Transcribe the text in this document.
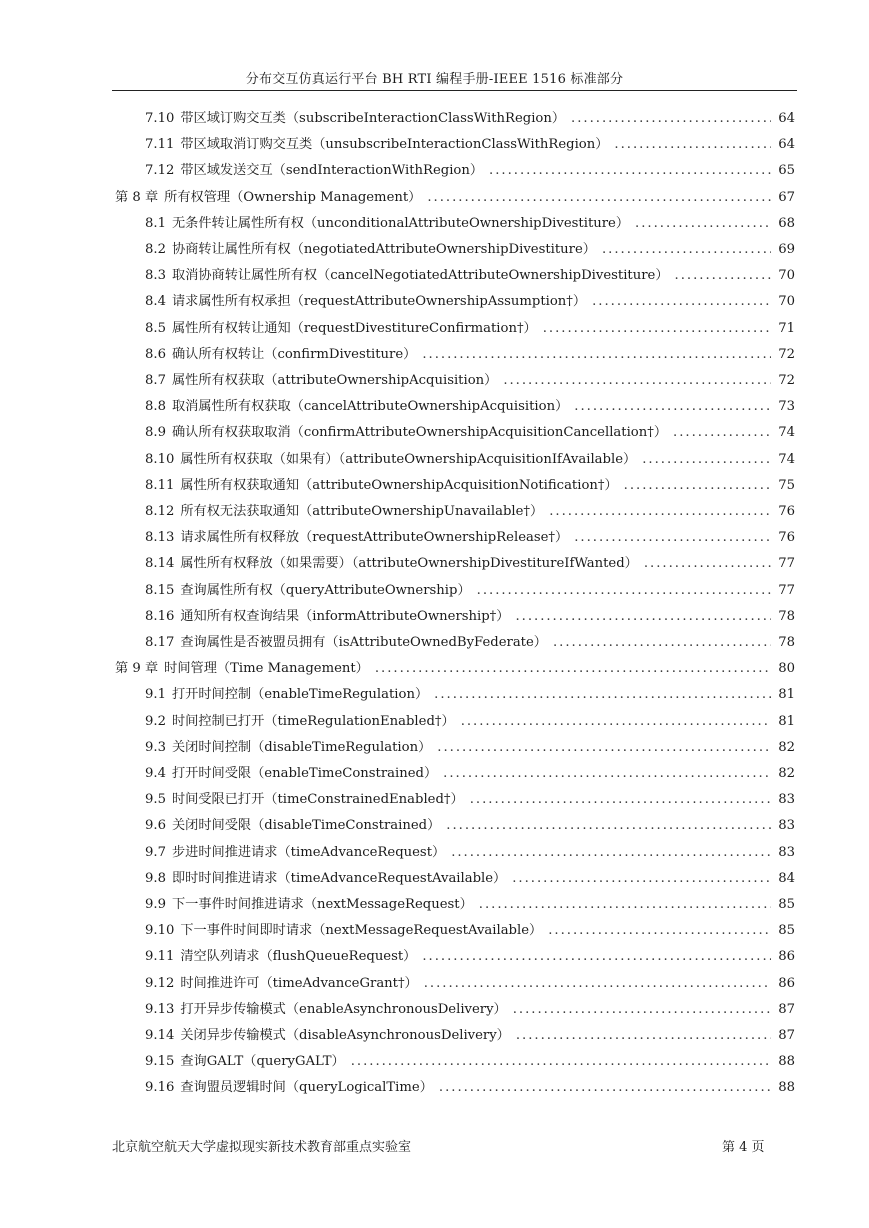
分布交互仿真运行平台 BH RTI 编程手册-IEEE 1516 标准部分
7.10 带区域订购交互类（subscribeInteractionClassWithRegion） . . .	64
7.11 带区域取消订购交互类（unsubscribeInteractionClassWithRegion） . . .	64
7.12 带区域发送交互（sendInteractionWithRegion） . . .	65
第 8 章 所有权管理（Ownership Management） . . .	67
8.1 无条件转让属性所有权（unconditionalAttributeOwnershipDivestiture） . . .	68
8.2 协商转让属性所有权（negotiatedAttributeOwnershipDivestiture） . . .	69
8.3 取消协商转让属性所有权（cancelNegotiatedAttributeOwnershipDivestiture） . . .	70
8.4 请求属性所有权承担（requestAttributeOwnershipAssumption†） . . .	70
8.5 属性所有权转让通知（requestDivestitureConfirmation†） . . .	71
8.6 确认所有权转让（confirmDivestiture） . . .	72
8.7 属性所有权获取（attributeOwnershipAcquisition） . . .	72
8.8 取消属性所有权获取（cancelAttributeOwnershipAcquisition） . . .	73
8.9 确认所有权获取取消（confirmAttributeOwnershipAcquisitionCancellation†） . . .	74
8.10 属性所有权获取（如果有）（attributeOwnershipAcquisitionIfAvailable） . . .	74
8.11 属性所有权获取通知（attributeOwnershipAcquisitionNotification†） . . .	75
8.12 所有权无法获取通知（attributeOwnershipUnavailable†） . . .	76
8.13 请求属性所有权释放（requestAttributeOwnershipRelease†） . . .	76
8.14 属性所有权释放（如果需要）（attributeOwnershipDivestitureIfWanted） . . .	77
8.15 查询属性所有权（queryAttributeOwnership） . . .	77
8.16 通知所有权查询结果（informAttributeOwnership†） . . .	78
8.17 查询属性是否被盟员拥有（isAttributeOwnedByFederate） . . .	78
第 9 章 时间管理（Time Management） . . .	80
9.1 打开时间控制（enableTimeRegulation） . . .	81
9.2 时间控制已打开（timeRegulationEnabled†） . . .	81
9.3 关闭时间控制（disableTimeRegulation） . . .	82
9.4 打开时间受限（enableTimeConstrained） . . .	82
9.5 时间受限已打开（timeConstrainedEnabled†） . . .	83
9.6 关闭时间受限（disableTimeConstrained） . . .	83
9.7 步进时间推进请求（timeAdvanceRequest） . . .	83
9.8 即时时间推进请求（timeAdvanceRequestAvailable） . . .	84
9.9 下一事件时间推进请求（nextMessageRequest） . . .	85
9.10 下一事件时间即时请求（nextMessageRequestAvailable） . . .	85
9.11 清空队列请求（flushQueueRequest） . . .	86
9.12 时间推进许可（timeAdvanceGrant†） . . .	86
9.13 打开异步传输模式（enableAsynchronousDelivery） . . .	87
9.14 关闭异步传输模式（disableAsynchronousDelivery） . . .	87
9.15 查询GALT（queryGALT） . . .	88
9.16 查询盟员逻辑时间（queryLogicalTime） . . .	88
北京航空航天大学虚拟现实新技术教育部重点实验室	第 4 页
